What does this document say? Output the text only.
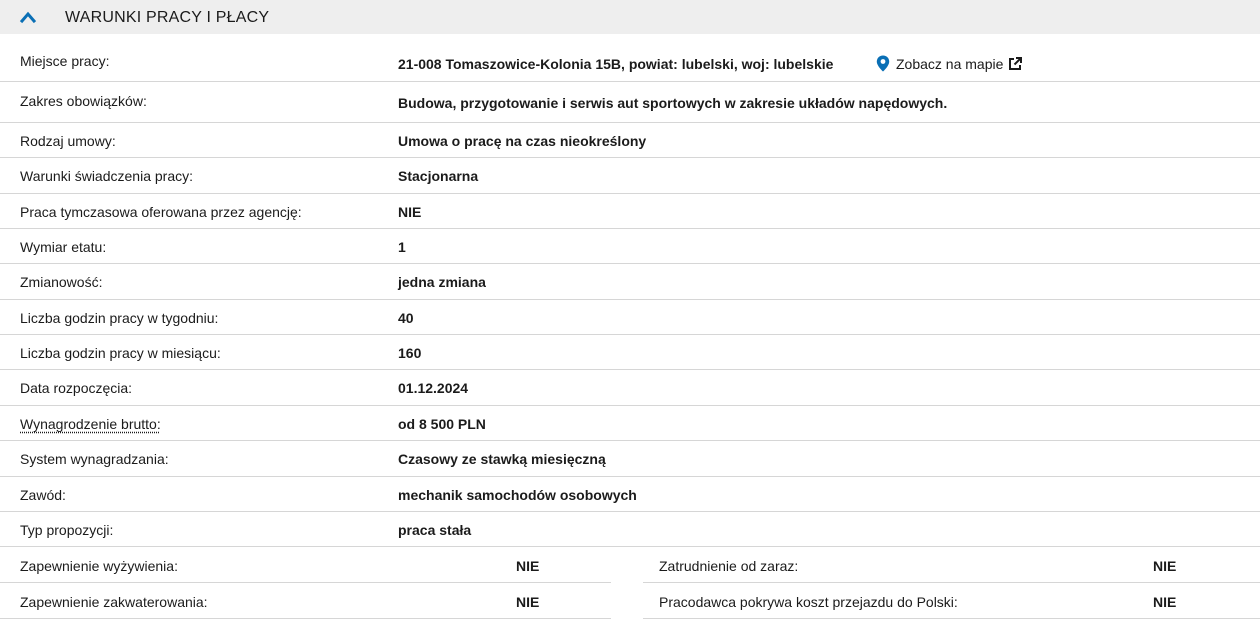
WARUNKI PRACY I PŁACY
Miejsce pracy:	21-008 Tomaszowice-Kolonia 15B, powiat: lubelski, woj: lubelskie	Zobacz na mapie
Zakres obowiązków:	Budowa, przygotowanie i serwis aut sportowych w zakresie układów napędowych.
Rodzaj umowy:	Umowa o pracę na czas nieokreślony
Warunki świadczenia pracy:	Stacjonarna
Praca tymczasowa oferowana przez agencję:	NIE
Wymiar etatu:	1
Zmianowość:	jedna zmiana
Liczba godzin pracy w tygodniu:	40
Liczba godzin pracy w miesiącu:	160
Data rozpoczęcia:	01.12.2024
Wynagrodzenie brutto:	od 8 500 PLN
System wynagradzania:	Czasowy ze stawką miesięczną
Zawód:	mechanik samochodów osobowych
Typ propozycji:	praca stała
Zapewnienie wyżywienia:	NIE	Zatrudnienie od zaraz:	NIE
Zapewnienie zakwaterowania:	NIE	Pracodawca pokrywa koszt przejazdu do Polski:	NIE
